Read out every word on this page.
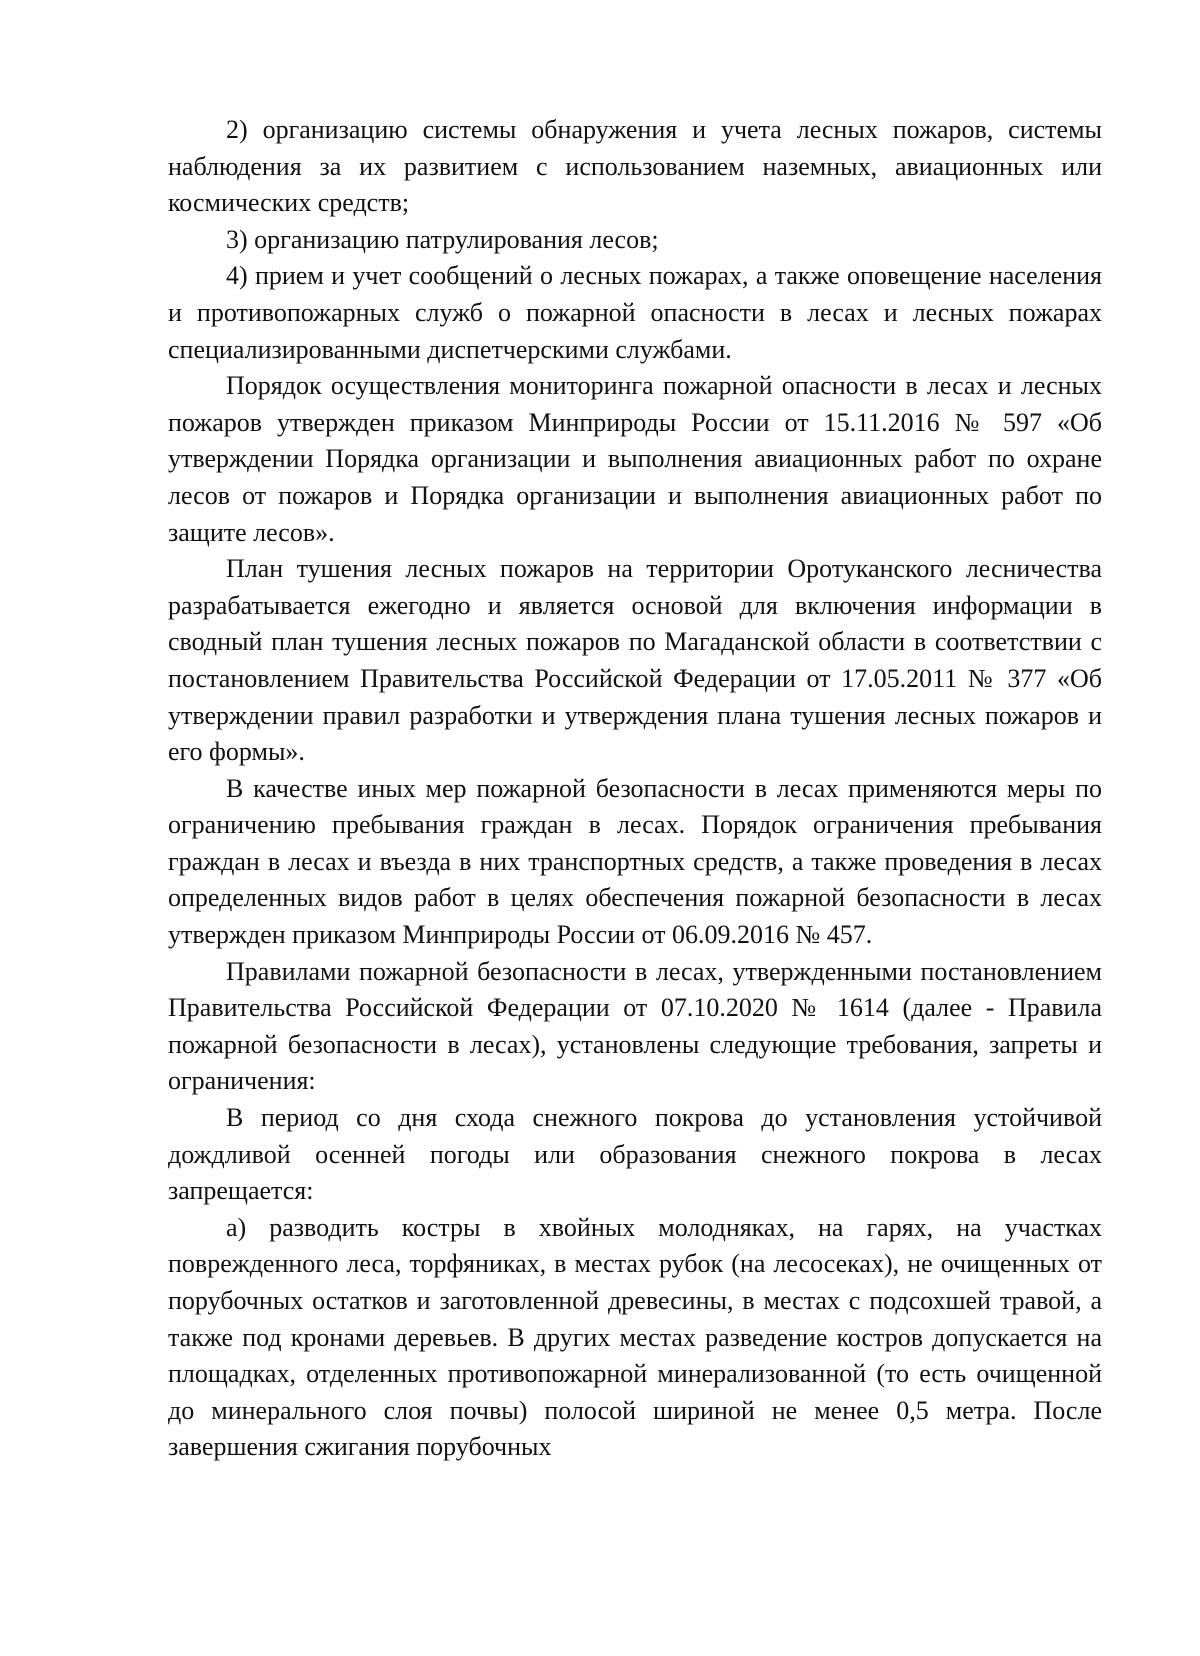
2) организацию системы обнаружения и учета лесных пожаров, системы наблюдения за их развитием с использованием наземных, авиационных или космических средств;

3) организацию патрулирования лесов;

4) прием и учет сообщений о лесных пожарах, а также оповещение населения и противопожарных служб о пожарной опасности в лесах и лесных пожарах специализированными диспетчерскими службами.

Порядок осуществления мониторинга пожарной опасности в лесах и лесных пожаров утвержден приказом Минприроды России от 15.11.2016 № 597 «Об утверждении Порядка организации и выполнения авиационных работ по охране лесов от пожаров и Порядка организации и выполнения авиационных работ по защите лесов».

План тушения лесных пожаров на территории Оротуканского лесничества разрабатывается ежегодно и является основой для включения информации в сводный план тушения лесных пожаров по Магаданской области в соответствии с постановлением Правительства Российской Федерации от 17.05.2011 № 377 «Об утверждении правил разработки и утверждения плана тушения лесных пожаров и его формы».

В качестве иных мер пожарной безопасности в лесах применяются меры по ограничению пребывания граждан в лесах. Порядок ограничения пребывания граждан в лесах и въезда в них транспортных средств, а также проведения в лесах определенных видов работ в целях обеспечения пожарной безопасности в лесах утвержден приказом Минприроды России от 06.09.2016 № 457.

Правилами пожарной безопасности в лесах, утвержденными постановлением Правительства Российской Федерации от 07.10.2020 № 1614 (далее - Правила пожарной безопасности в лесах), установлены следующие требования, запреты и ограничения:

В период со дня схода снежного покрова до установления устойчивой дождливой осенней погоды или образования снежного покрова в лесах запрещается:

а) разводить костры в хвойных молодняках, на гарях, на участках поврежденного леса, торфяниках, в местах рубок (на лесосеках), не очищенных от порубочных остатков и заготовленной древесины, в местах с подсохшей травой, а также под кронами деревьев. В других местах разведение костров допускается на площадках, отделенных противопожарной минерализованной (то есть очищенной до минерального слоя почвы) полосой шириной не менее 0,5 метра. После завершения сжигания порубочных
